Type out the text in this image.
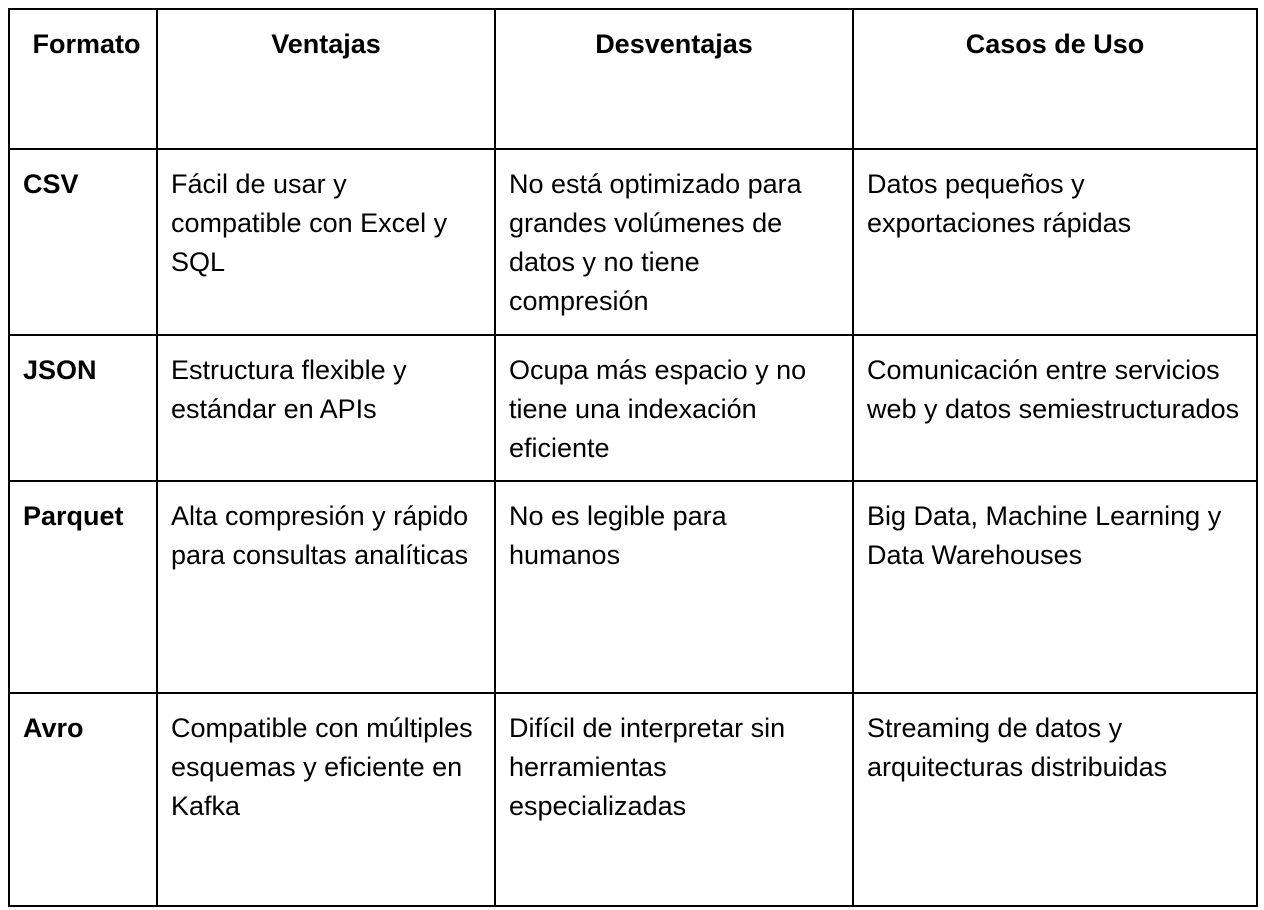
Formato	Ventajas	Desventajas	Casos de Uso
CSV	Fácil de usar y compatible con Excel y SQL	No está optimizado para grandes volúmenes de datos y no tiene compresión	Datos pequeños y exportaciones rápidas
JSON	Estructura flexible y estándar en APIs	Ocupa más espacio y no tiene una indexación eficiente	Comunicación entre servicios web y datos semiestructurados
Parquet	Alta compresión y rápido para consultas analíticas	No es legible para humanos	Big Data, Machine Learning y Data Warehouses
Avro	Compatible con múltiples esquemas y eficiente en Kafka	Difícil de interpretar sin herramientas especializadas	Streaming de datos y arquitecturas distribuidas
